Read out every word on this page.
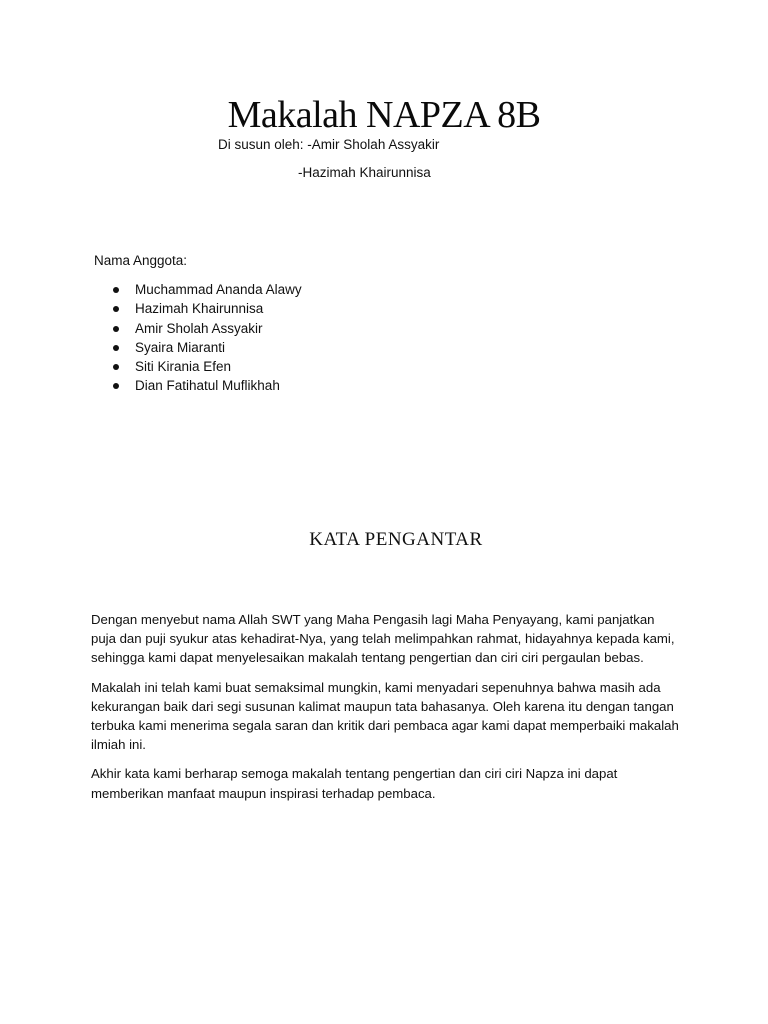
Makalah NAPZA 8B
Di susun oleh: -Amir Sholah Assyakir
-Hazimah Khairunnisa
Nama Anggota:
Muchammad Ananda Alawy
Hazimah Khairunnisa
Amir Sholah Assyakir
Syaira Miaranti
Siti Kirania Efen
Dian Fatihatul Muflikhah
KATA PENGANTAR

Dengan menyebut nama Allah SWT yang Maha Pengasih lagi Maha Penyayang, kami panjatkan puja dan puji syukur atas kehadirat-Nya, yang telah melimpahkan rahmat, hidayahnya kepada kami, sehingga kami dapat menyelesaikan makalah tentang pengertian dan ciri ciri pergaulan bebas.

Makalah ini telah kami buat semaksimal mungkin, kami menyadari sepenuhnya bahwa masih ada kekurangan baik dari segi susunan kalimat maupun tata bahasanya. Oleh karena itu dengan tangan terbuka kami menerima segala saran dan kritik dari pembaca agar kami dapat memperbaiki makalah ilmiah ini.

Akhir kata kami berharap semoga makalah tentang pengertian dan ciri ciri Napza ini dapat memberikan manfaat maupun inspirasi terhadap pembaca.
